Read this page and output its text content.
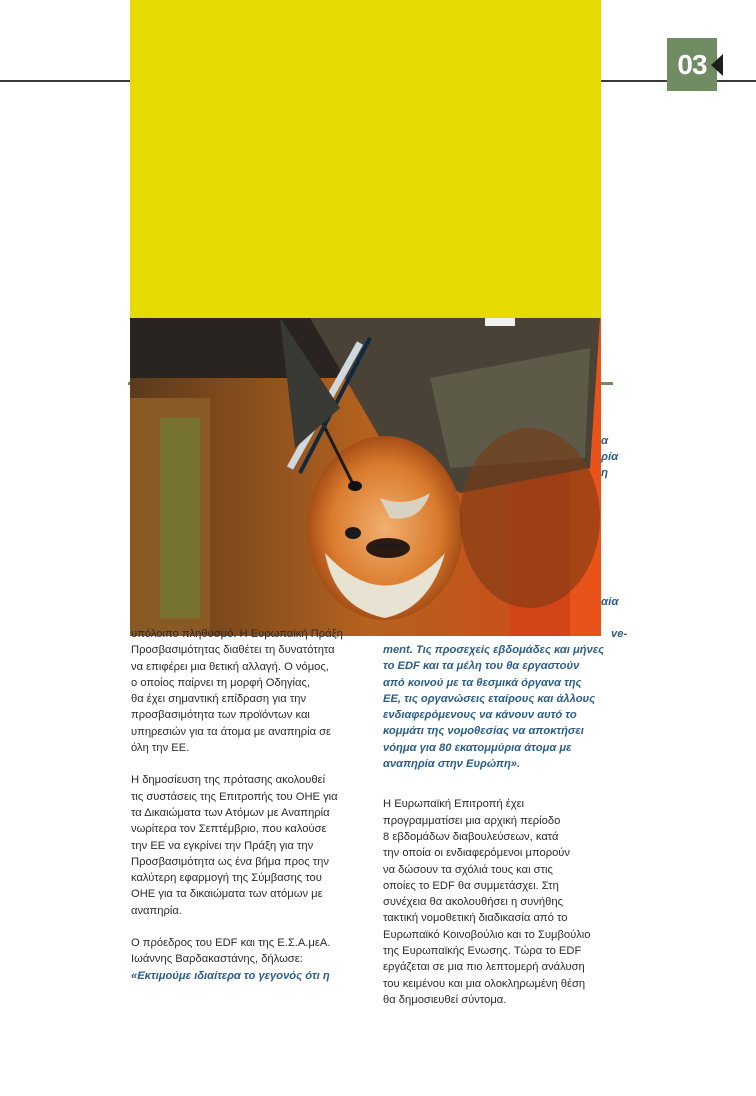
03
α
ρία
η
αία

υπόλοιπο πληθυσμό. Η Ευρωπαϊκή Πράξη
Προσβασιμότητας διαθέτει τη δυνατότητα
να επιφέρει μια θετική αλλαγή. Ο νόμος,
ο οποίος παίρνει τη μορφή Οδηγίας,
θα έχει σημαντική επίδραση για την
προσβασιμότητα των προϊόντων και
υπηρεσιών για τα άτομα με αναπηρία σε
όλη την ΕΕ.

Η δημοσίευση της πρότασης ακολουθεί
τις συστάσεις της Επιτροπής του ΟΗΕ για
τα Δικαιώματα των Ατόμων με Αναπηρία
νωρίτερα τον Σεπτέμβριο, που καλούσε
την ΕΕ να εγκρίνει την Πράξη για την
Προσβασιμότητα ως ένα βήμα προς την
καλύτερη εφαρμογή της Σύμβασης του
ΟΗΕ για τα δικαιώματα των ατόμων με
αναπηρία.

Ο πρόεδρος του EDF και της Ε.Σ.Α.μεΑ.
Ιωάννης Βαρδακαστάνης, δήλωσε:
«Εκτιμούμε ιδιαίτερα το γεγονός ότι η

ve-

ment. Τις προσεχείς εβδομάδες και μήνες
το EDF και τα μέλη του θα εργαστούν
από κοινού με τα θεσμικά όργανα της
ΕΕ, τις οργανώσεις εταίρους και άλλους
ενδιαφερόμενους να κάνουν αυτό το
κομμάτι της νομοθεσίας να αποκτήσει
νόημα για 80 εκατομμύρια άτομα με
αναπηρία στην Ευρώπη».

Η Ευρωπαϊκή Επιτροπή έχει
προγραμματίσει μια αρχική περίοδο
8 εβδομάδων διαβουλεύσεων, κατά
την οποία οι ενδιαφερόμενοι μπορούν
να δώσουν τα σχόλιά τους και στις
οποίες το EDF θα συμμετάσχει. Στη
συνέχεια θα ακολουθήσει η συνήθης
τακτική νομοθετική διαδικασία από το
Ευρωπαϊκό Κοινοβούλιο και το Συμβούλιο
της Ευρωπαϊκής Ενωσης. Τώρα το EDF
εργάζεται σε μια πιο λεπτομερή ανάλυση
του κειμένου και μια ολοκληρωμένη θέση
θα δημοσιευθεί σύντομα.
